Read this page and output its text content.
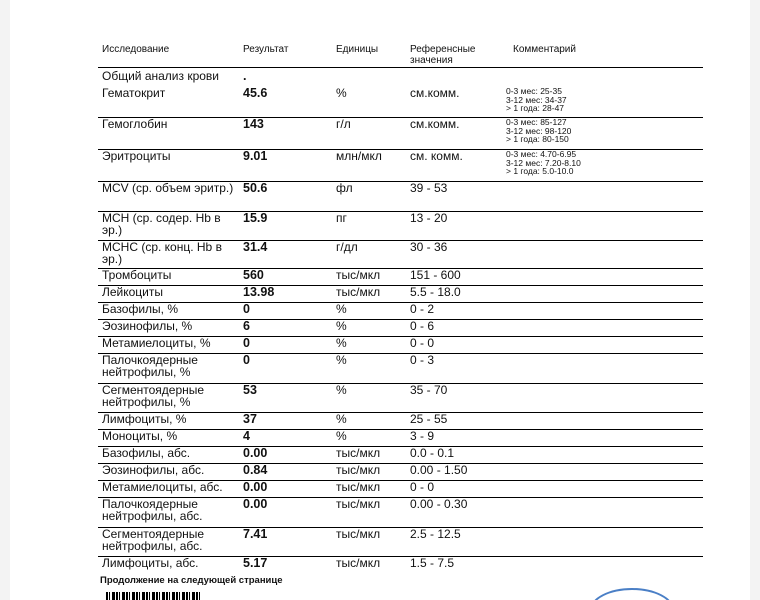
Исследование	Результат	Единицы	Референсные значения
Комментарий
Общий анализ крови	.
Гематокрит	45.6	%	см.комм.	0-3 мес: 25-35
3-12 мес: 34-37
> 1 года: 28-47
Гемоглобин	143	г/л	см.комм.	0-3 мес: 85-127
3-12 мес: 98-120
> 1 года: 80-150
Эритроциты	9.01	млн/мкл см. комм.	0-3 мес: 4.70-6.95
3-12 мес: 7.20-8.10
> 1 года: 5.0-10.0
MCV (ср. объем эритр.) 50.6	фл	39 - 53
MCH (ср. содер. Hb в эр.)
15.9	пг	13 - 20
MCHC (ср. конц. Hb в эр.)
31.4	г/дл	30 - 36
Тромбоциты	560	тыс/мкл 151 - 600
Лейкоциты	13.98	тыс/мкл 5.5 - 18.0
Базофилы, %	0	%	0 - 2
Эозинофилы, %	6	%	0 - 6
Метамиелоциты, %	0	%	0 - 0
Палочкоядерные нейтрофилы, %
0	%	0 - 3
Сегментоядерные нейтрофилы, %
53	%	35 - 70
Лимфоциты, %	37	%	25 - 55
Моноциты, %	4	%	3 - 9
Базофилы, абс.	0.00	тыс/мкл 0.0 - 0.1
Эозинофилы, абс.	0.84	тыс/мкл 0.00 - 1.50
Метамиелоциты, абс.	0.00	тыс/мкл 0 - 0
Палочкоядерные нейтрофилы, абс.
0.00	тыс/мкл 0.00 - 0.30
Сегментоядерные нейтрофилы, абс.
7.41	тыс/мкл 2.5 - 12.5
Лимфоциты, абс.	5.17	тыс/мкл 1.5 - 7.5
Продолжение на следующей странице
